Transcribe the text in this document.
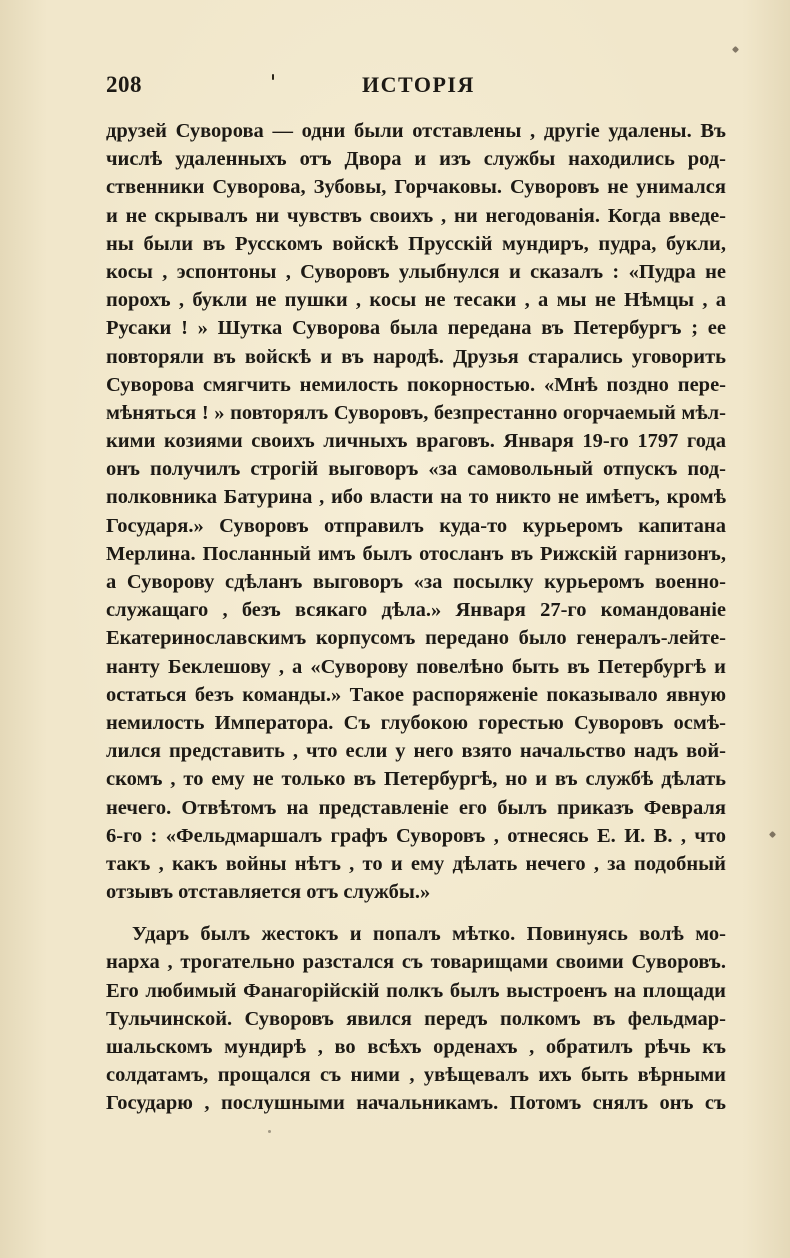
208	ИСТОРІЯ
друзей Суворова — одни были отставлены , другіе удалены. Въ
числѣ удаленныхъ отъ Двора и изъ службы находились род-
ственники Суворова, Зубовы, Горчаковы. Суворовъ не унимался
и не скрывалъ ни чувствъ своихъ , ни негодованія. Когда введе-
ны были въ Русскомъ войскѣ Прусскій мундиръ, пудра, букли,
косы , эспонтоны , Суворовъ улыбнулся и сказалъ : «Пудра не
порохъ , букли не пушки , косы не тесаки , а мы не Нѣмцы , а
Русаки ! » Шутка Суворова была передана въ Петербургъ ; ее
повторяли въ войскѣ и въ народѣ. Друзья старались уговорить
Суворова смягчить немилость покорностью. «Мнѣ поздно пере-
мѣняться ! » повторялъ Суворовъ, безпрестанно огорчаемый мѣл-
кими козиями своихъ личныхъ враговъ. Января 19-го 1797 года
онъ получилъ строгій выговоръ «за самовольный отпускъ под-
полковника Батурина , ибо власти на то никто не имѣетъ, кромѣ
Государя.» Суворовъ отправилъ куда-то курьеромъ капитана
Мерлина. Посланный имъ былъ отосланъ въ Рижскій гарнизонъ,
а Суворову сдѣланъ выговоръ «за посылку курьеромъ военно-
служащаго , безъ всякаго дѣла.» Января 27-го командованіе
Екатеринославскимъ корпусомъ передано было генералъ-лейте-
нанту Беклешову , а «Суворову повелѣно быть въ Петербургѣ и
остаться безъ команды.» Такое распоряженіе показывало явную
немилость Императора. Съ глубокою горестью Суворовъ осмѣ-
лился представить , что если у него взято начальство надъ вой-
скомъ , то ему не только въ Петербургѣ, но и въ службѣ дѣлать
нечего. Отвѣтомъ на представленіе его былъ приказъ Февраля
6-го : «Фельдмаршалъ графъ Суворовъ , отнесясь Е. И. В. , что
такъ , какъ войны нѣтъ , то и ему дѣлать нечего , за подобный
отзывъ отставляется отъ службы.»
Ударъ былъ жестокъ и попалъ мѣтко. Повинуясь волѣ мо-
нарха , трогательно разстался съ товарищами своими Суворовъ.
Его любимый Фанагорійскій полкъ былъ выстроенъ на площади
Тульчинской. Суворовъ явился передъ полкомъ въ фельдмар-
шальскомъ мундирѣ , во всѣхъ орденахъ , обратилъ рѣчь къ
солдатамъ, прощался съ ними , увѣщевалъ ихъ быть вѣрными
Государю , послушными начальникамъ. Потомъ снялъ онъ съ
